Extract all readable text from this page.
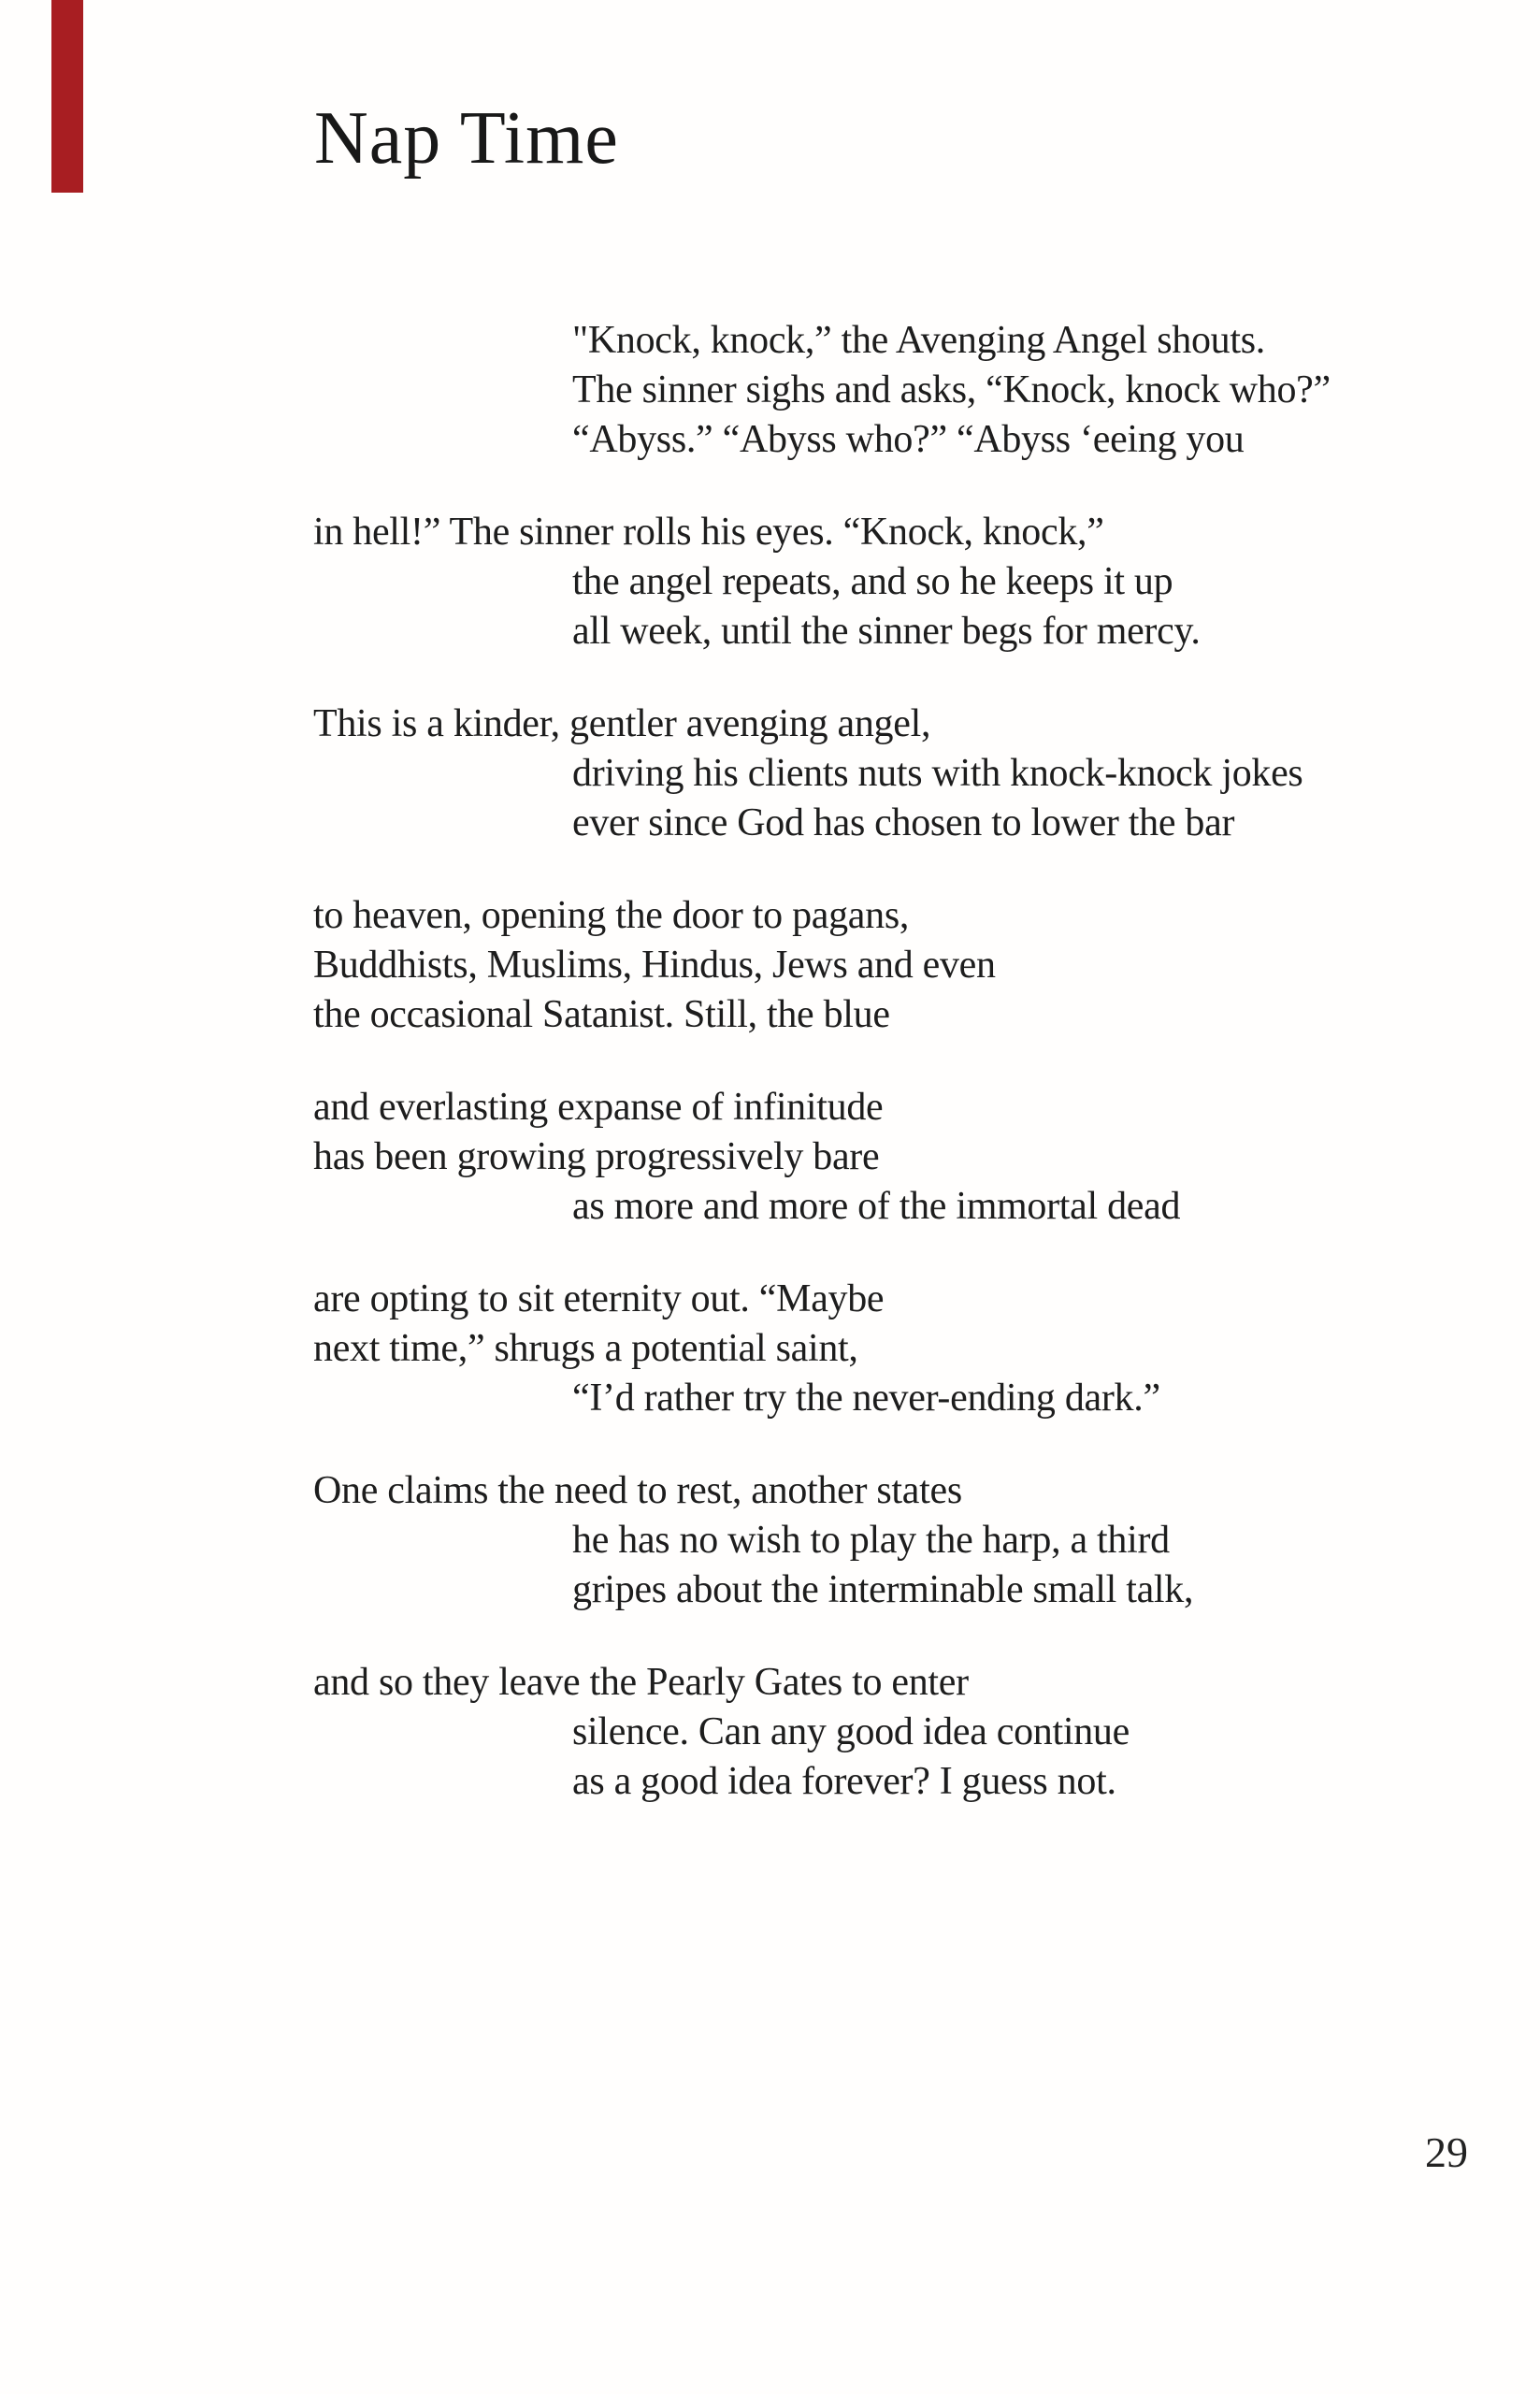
Nap Time
"Knock, knock,” the Avenging Angel shouts.
The sinner sighs and asks, “Knock, knock who?”
“Abyss.” “Abyss who?” “Abyss ‘eeing you
in hell!” The sinner rolls his eyes. “Knock, knock,”
the angel repeats, and so he keeps it up
all week, until the sinner begs for mercy.
This is a kinder, gentler avenging angel,
driving his clients nuts with knock-knock jokes
ever since God has chosen to lower the bar
to heaven, opening the door to pagans,
Buddhists, Muslims, Hindus, Jews and even
the occasional Satanist. Still, the blue
and everlasting expanse of infinitude
has been growing progressively bare
as more and more of the immortal dead
are opting to sit eternity out. “Maybe
next time,” shrugs a potential saint,
“I’d rather try the never-ending dark.”
One claims the need to rest, another states
he has no wish to play the harp, a third
gripes about the interminable small talk,
and so they leave the Pearly Gates to enter
silence. Can any good idea continue
as a good idea forever? I guess not.
29
